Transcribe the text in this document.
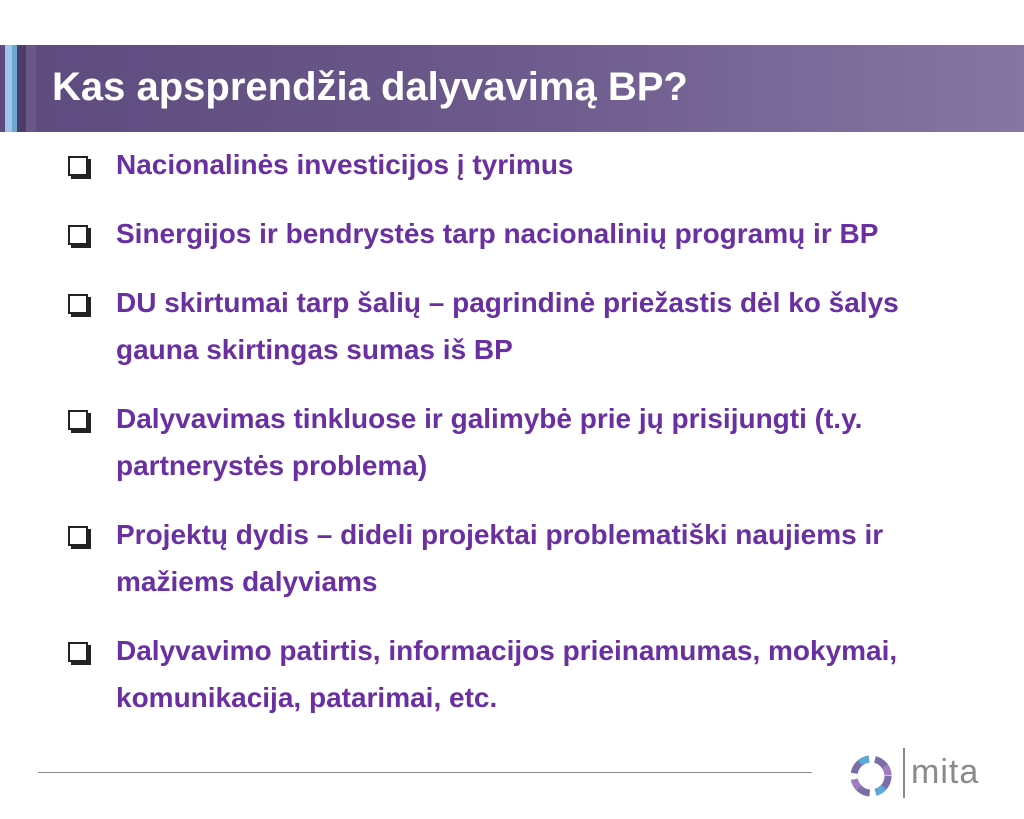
Kas apsprendžia dalyvavimą BP?
Nacionalinės investicijos į tyrimus
Sinergijos ir bendrystės tarp nacionalinių programų ir BP
DU skirtumai tarp šalių – pagrindinė priežastis dėl ko šalys gauna skirtingas sumas iš BP
Dalyvavimas tinkluose ir galimybė prie jų prisijungti (t.y. partnerystės problema)
Projektų dydis – dideli projektai problematiški naujiems ir mažiems dalyviams
Dalyvavimo patirtis, informacijos prieinamumas, mokymai, komunikacija, patarimai, etc.
mita
